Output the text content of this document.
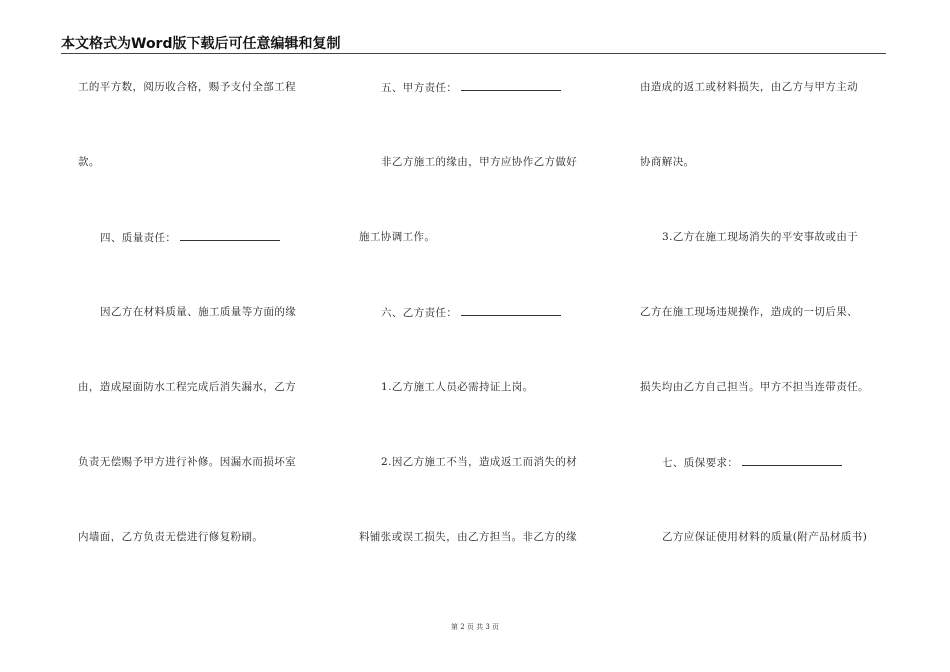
本文格式为Word版下载后可任意编辑和复制
工的平方数，阅历收合格，赐予支付全部工程
款。
四、质量责任：
因乙方在材料质量、施工质量等方面的缘
由，造成屋面防水工程完成后消失漏水，乙方
负责无偿赐予甲方进行补修。因漏水而损坏室
内墙面，乙方负责无偿进行修复粉刷。
五、甲方责任：
非乙方施工的缘由，甲方应协作乙方做好
施工协调工作。
六、乙方责任：
1.乙方施工人员必需持证上岗。
2.因乙方施工不当，造成返工而消失的材
料铺张或误工损失，由乙方担当。非乙方的缘
由造成的返工或材料损失，由乙方与甲方主动
协商解决。
3.乙方在施工现场消失的平安事故或由于
乙方在施工现场违规操作，造成的一切后果、
损失均由乙方自己担当。甲方不担当连带责任。
七、质保要求：
乙方应保证使用材料的质量(附产品材质书)
第 2 页 共 3 页
